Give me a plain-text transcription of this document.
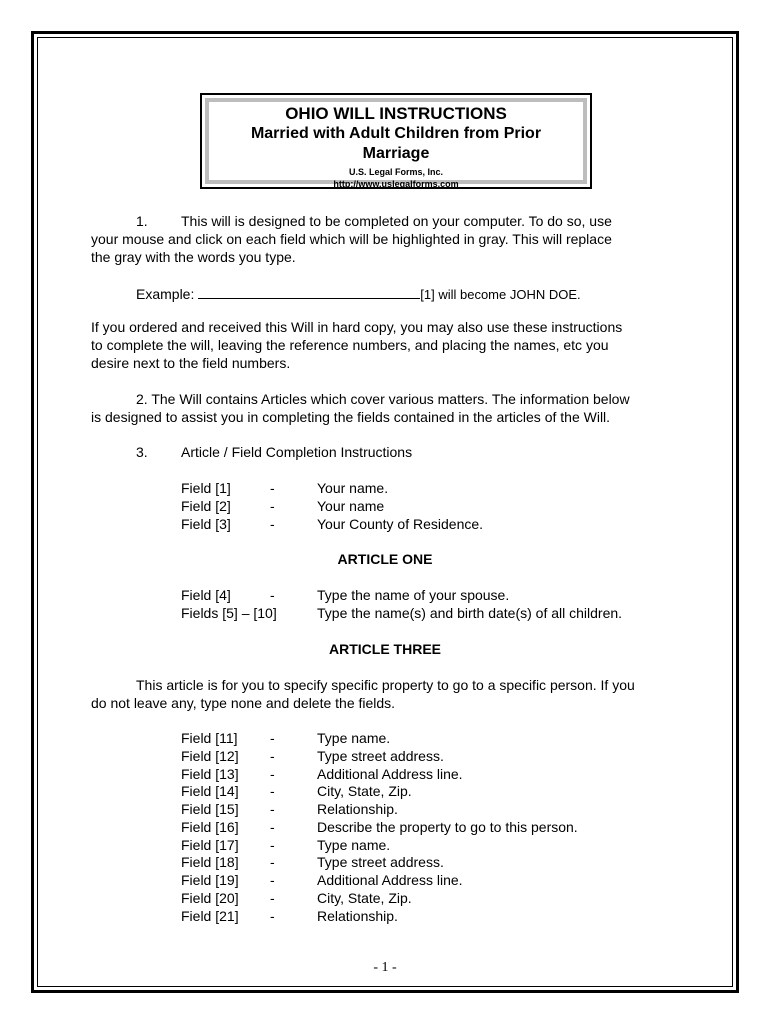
OHIO WILL INSTRUCTIONS
Married with Adult Children from Prior
Marriage
U.S. Legal Forms, Inc.
http://www.uslegalforms.com
1. This will is designed to be completed on your computer. To do so, use
your mouse and click on each field which will be highlighted in gray. This will replace
the gray with the words you type.
Example:	[1] will become JOHN DOE.
If you ordered and received this Will in hard copy, you may also use these instructions
to complete the will, leaving the reference numbers, and placing the names, etc you
desire next to the field numbers.
2. The Will contains Articles which cover various matters. The information below
is designed to assist you in completing the fields contained in the articles of the Will.
3. Article / Field Completion Instructions
Field [1]	-	Your name.
Field [2]	-	Your name
Field [3]	-	Your County of Residence.
ARTICLE ONE
Field [4]	-	Type the name of your spouse.
Fields [5] – [10]	Type the name(s) and birth date(s) of all children.
ARTICLE THREE
This article is for you to specify specific property to go to a specific person. If you
do not leave any, type none and delete the fields.
Field [11] -	Type name.
Field [12] -	Type street address.
Field [13] -	Additional Address line.
Field [14] -	City, State, Zip.
Field [15] -	Relationship.
Field [16] -	Describe the property to go to this person.
Field [17] -	Type name.
Field [18] -	Type street address.
Field [19] -	Additional Address line.
Field [20] -	City, State, Zip.
Field [21] -	Relationship.
- 1 -
